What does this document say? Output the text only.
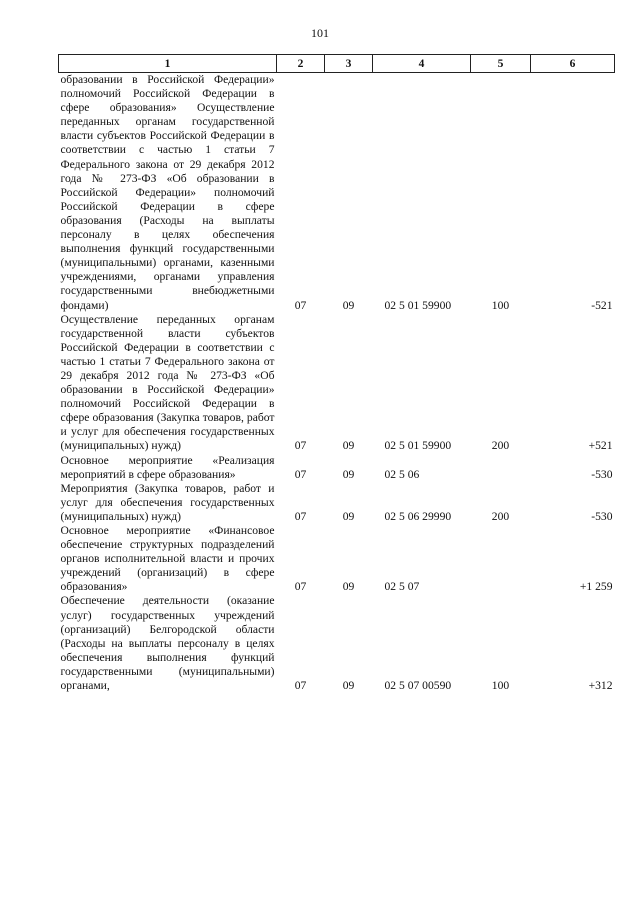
101
1	2	3	4	5	6
образовании в Российской Федерации» полномочий Российской Федерации в сфере образования» Осуществление переданных органам государственной власти субъектов Российской Федерации в соответствии с частью 1 статьи 7 Федерального закона от 29 декабря 2012 года № 273-ФЗ «Об образовании в Российской Федерации» полномочий Российской Федерации в сфере образования (Расходы на выплаты персоналу в целях обеспечения выполнения функций государственными (муниципальными) органами, казенными учреждениями, органами управления государственными внебюджетными фондами)	07	09	02 5 01 59900	100	-521
Осуществление переданных органам государственной власти субъектов Российской Федерации в соответствии с частью 1 статьи 7 Федерального закона от 29 декабря 2012 года № 273-ФЗ «Об образовании в Российской Федерации» полномочий Российской Федерации в сфере образования (Закупка товаров, работ и услуг для обеспечения государственных (муниципальных) нужд)	07	09	02 5 01 59900	200	+521
Основное мероприятие «Реализация мероприятий в сфере образования»	07	09	02 5 06		-530
Мероприятия (Закупка товаров, работ и услуг для обеспечения государственных (муниципальных) нужд)	07	09	02 5 06 29990	200	-530
Основное мероприятие «Финансовое обеспечение структурных подразделений органов исполнительной власти и прочих учреждений (организаций) в сфере образования»	07	09	02 5 07		+1 259
Обеспечение деятельности (оказание услуг) государственных учреждений (организаций) Белгородской области (Расходы на выплаты персоналу в целях обеспечения выполнения функций государственными (муниципальными) органами,	07	09	02 5 07 00590	100	+312
